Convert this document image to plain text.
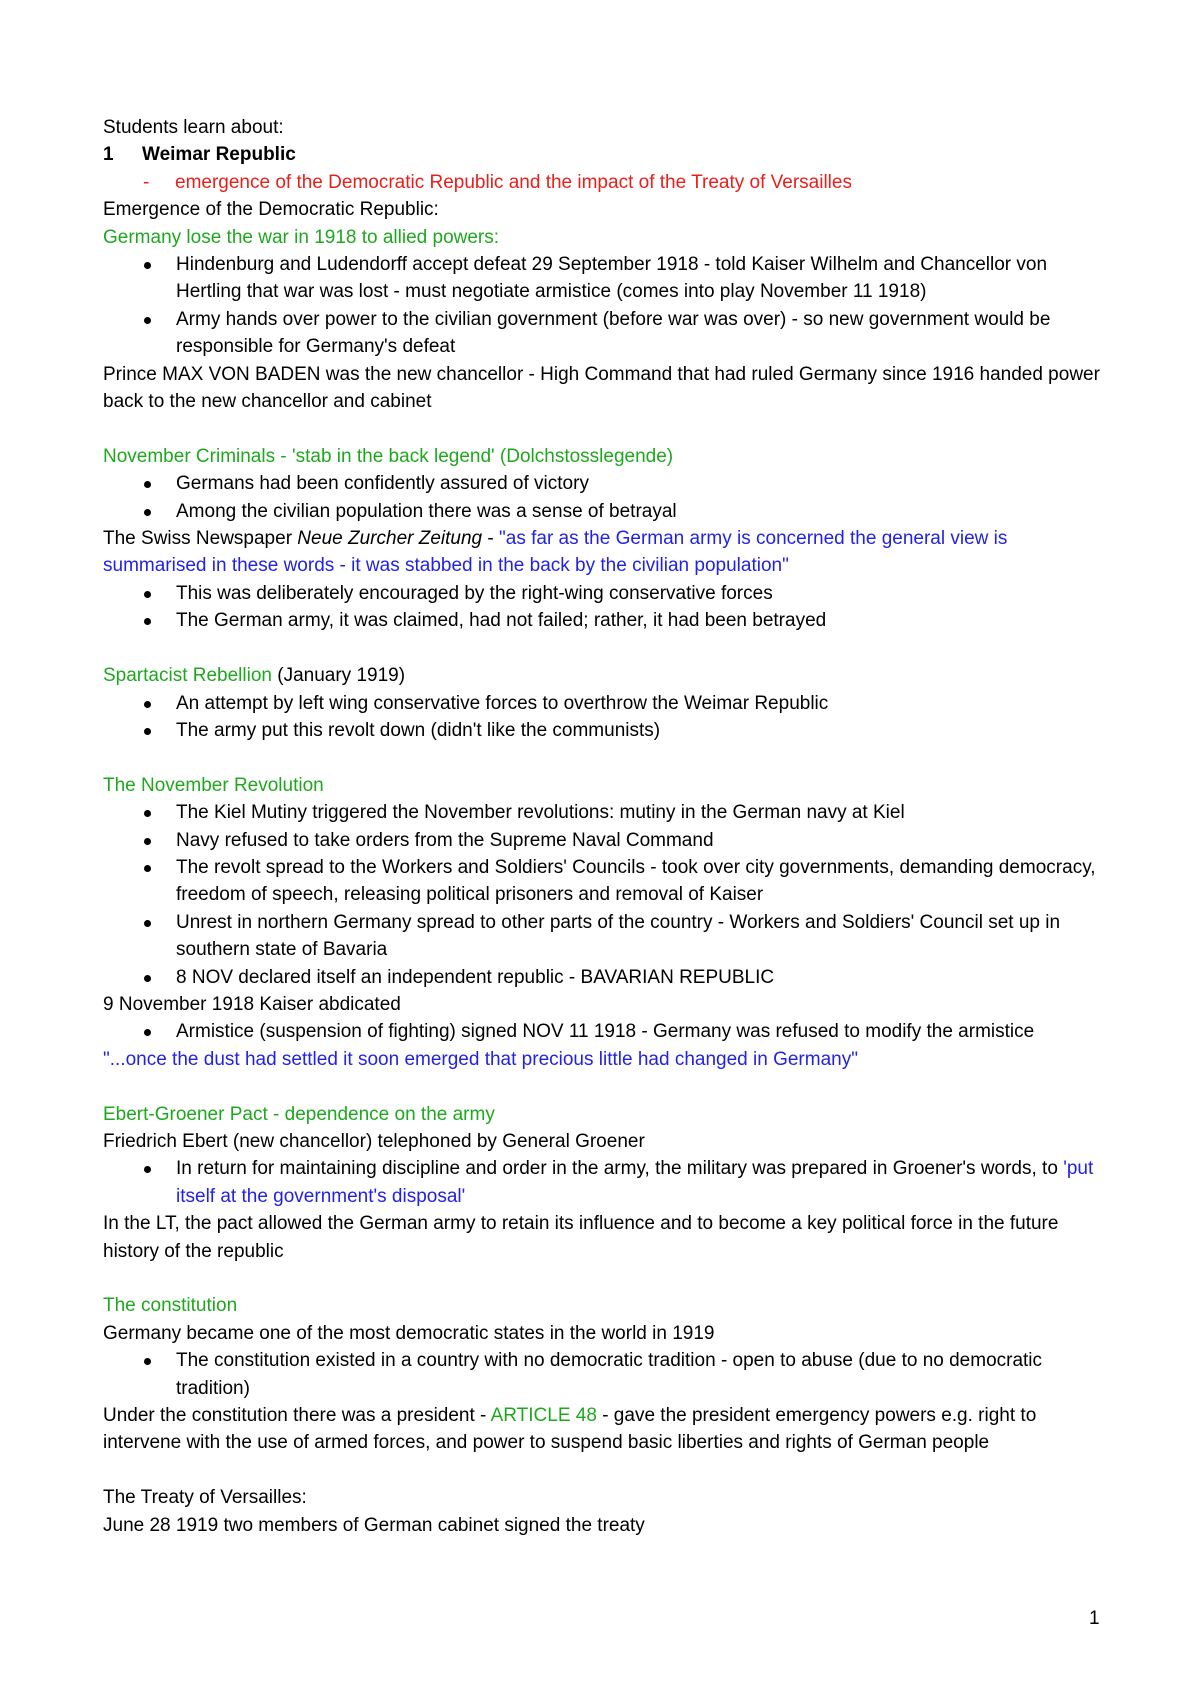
Students learn about:
1 Weimar Republic
- emergence of the Democratic Republic and the impact of the Treaty of Versailles
Emergence of the Democratic Republic:
Germany lose the war in 1918 to allied powers:
Hindenburg and Ludendorff accept defeat 29 September 1918 - told Kaiser Wilhelm and Chancellor von Hertling that war was lost - must negotiate armistice (comes into play November 11 1918)
Army hands over power to the civilian government (before war was over) - so new government would be responsible for Germany's defeat
Prince MAX VON BADEN was the new chancellor - High Command that had ruled Germany since 1916 handed power back to the new chancellor and cabinet
November Criminals - 'stab in the back legend' (Dolchstosslegende)
Germans had been confidently assured of victory
Among the civilian population there was a sense of betrayal
The Swiss Newspaper Neue Zurcher Zeitung - "as far as the German army is concerned the general view is summarised in these words - it was stabbed in the back by the civilian population"
This was deliberately encouraged by the right-wing conservative forces
The German army, it was claimed, had not failed; rather, it had been betrayed
Spartacist Rebellion (January 1919)
An attempt by left wing conservative forces to overthrow the Weimar Republic
The army put this revolt down (didn't like the communists)
The November Revolution
The Kiel Mutiny triggered the November revolutions: mutiny in the German navy at Kiel
Navy refused to take orders from the Supreme Naval Command
The revolt spread to the Workers and Soldiers' Councils - took over city governments, demanding democracy, freedom of speech, releasing political prisoners and removal of Kaiser
Unrest in northern Germany spread to other parts of the country - Workers and Soldiers' Council set up in southern state of Bavaria
8 NOV declared itself an independent republic - BAVARIAN REPUBLIC
9 November 1918 Kaiser abdicated
Armistice (suspension of fighting) signed NOV 11 1918 - Germany was refused to modify the armistice
"...once the dust had settled it soon emerged that precious little had changed in Germany"
Ebert-Groener Pact - dependence on the army
Friedrich Ebert (new chancellor) telephoned by General Groener
In return for maintaining discipline and order in the army, the military was prepared in Groener's words, to 'put itself at the government's disposal'
In the LT, the pact allowed the German army to retain its influence and to become a key political force in the future history of the republic
The constitution
Germany became one of the most democratic states in the world in 1919
The constitution existed in a country with no democratic tradition - open to abuse (due to no democratic tradition)
Under the constitution there was a president - ARTICLE 48 - gave the president emergency powers e.g. right to intervene with the use of armed forces, and power to suspend basic liberties and rights of German people
The Treaty of Versailles:
June 28 1919 two members of German cabinet signed the treaty
1
